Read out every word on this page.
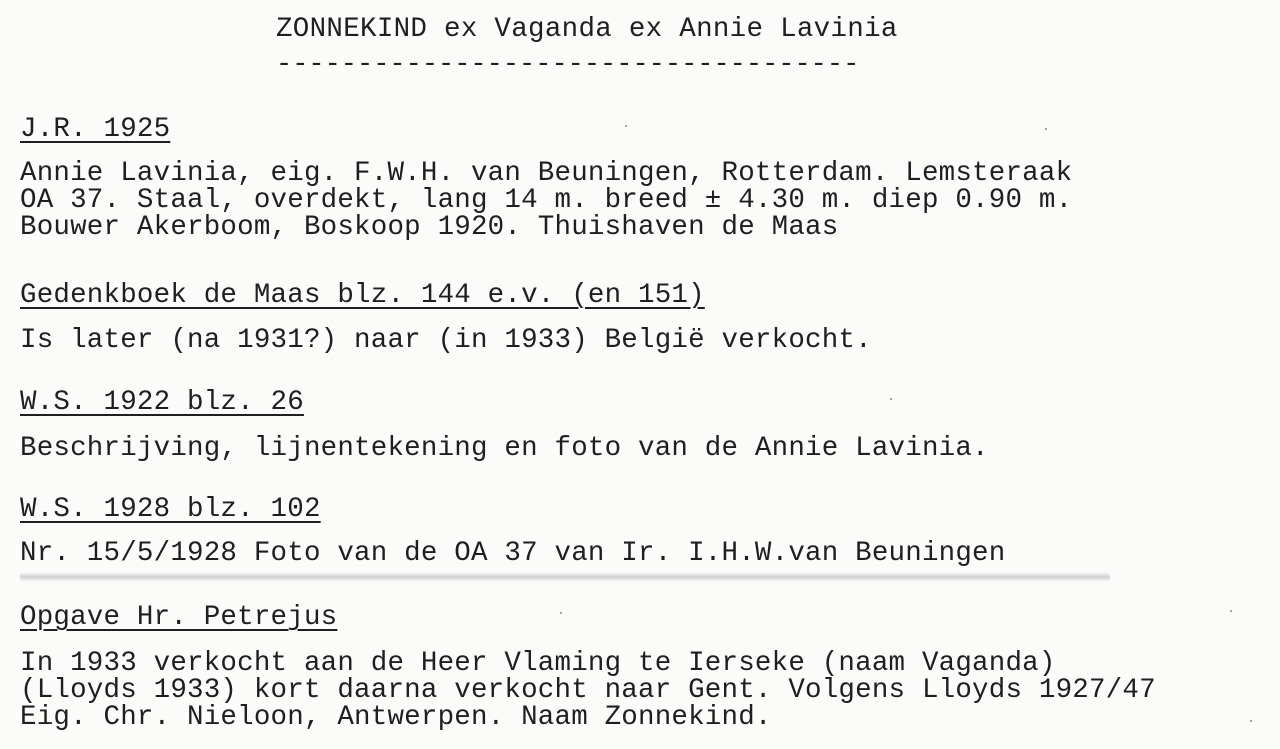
ZONNEKIND ex Vaganda ex Annie Lavinia
------------------------------------
J.R. 1925
Annie Lavinia, eig. F.W.H. van Beuningen, Rotterdam. Lemsteraak
OA 37. Staal, overdekt, lang 14 m. breed ± 4.30 m. diep 0.90 m.
Bouwer Akerboom, Boskoop 1920. Thuishaven de Maas
Gedenkboek de Maas blz. 144 e.v. (en 151)
Is later (na 1931?) naar (in 1933) België verkocht.
W.S. 1922 blz. 26
Beschrijving, lijnentekening en foto van de Annie Lavinia.
W.S. 1928 blz. 102
Nr. 15/5/1928 Foto van de OA 37 van Ir. I.H.W.van Beuningen
Opgave Hr. Petrejus
In 1933 verkocht aan de Heer Vlaming te Ierseke (naam Vaganda)
(Lloyds 1933) kort daarna verkocht naar Gent. Volgens Lloyds 1927/47
Eig. Chr. Nieloon, Antwerpen. Naam Zonnekind.
